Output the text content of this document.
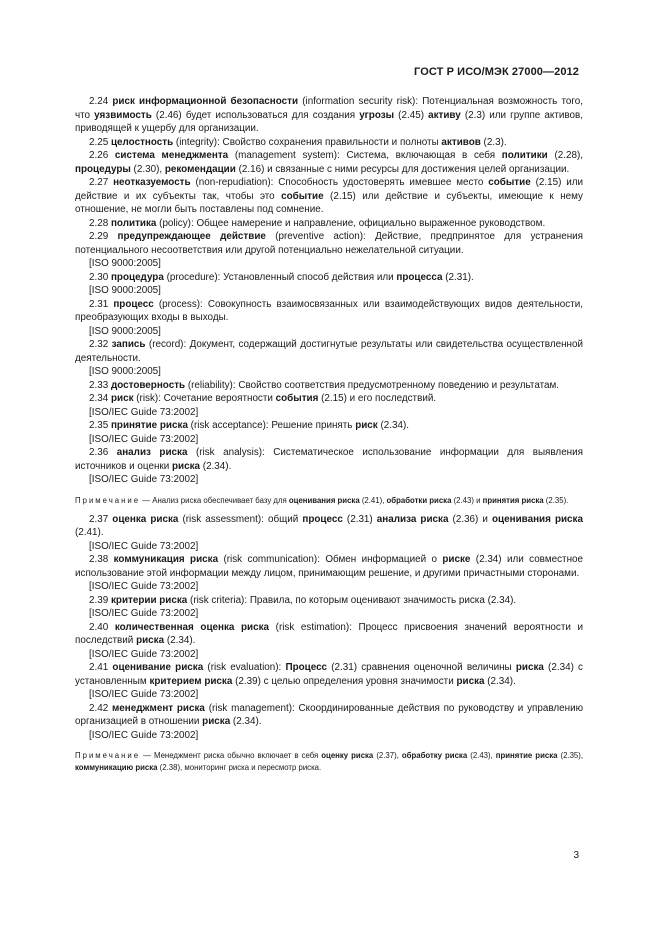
ГОСТ Р ИСО/МЭК 27000—2012

2.24 риск информационной безопасности (information security risk): Потенциальная возможность того, что уязвимость (2.46) будет использоваться для создания угрозы (2.45) активу (2.3) или группе активов, приводящей к ущербу для организации.

2.25 целостность (integrity): Свойство сохранения правильности и полноты активов (2.3).

2.26 система менеджмента (management system): Система, включающая в себя политики (2.28), процедуры (2.30), рекомендации (2.16) и связанные с ними ресурсы для достижения целей организации.

2.27 неотказуемость (non-repudiation): Способность удостоверять имевшее место событие (2.15) или действие и их субъекты так, чтобы это событие (2.15) или действие и субъекты, имеющие к нему отношение, не могли быть поставлены под сомнение.

2.28 политика (policy): Общее намерение и направление, официально выраженное руководством.

2.29 предупреждающее действие (preventive action): Действие, предпринятое для устранения потенциального несоответствия или другой потенциально нежелательной ситуации.

[ISO 9000:2005]

2.30 процедура (procedure): Установленный способ действия или процесса (2.31).

[ISO 9000:2005]

2.31 процесс (process): Совокупность взаимосвязанных или взаимодействующих видов деятельности, преобразующих входы в выходы.

[ISO 9000:2005]

2.32 запись (record): Документ, содержащий достигнутые результаты или свидетельства осуществленной деятельности.

[ISO 9000:2005]

2.33 достоверность (reliability): Свойство соответствия предусмотренному поведению и результатам.

2.34 риск (risk): Сочетание вероятности события (2.15) и его последствий.

[ISO/IEC Guide 73:2002]

2.35 принятие риска (risk acceptance): Решение принять риск (2.34).

[ISO/IEC Guide 73:2002]

2.36 анализ риска (risk analysis): Систематическое использование информации для выявления источников и оценки риска (2.34).

[ISO/IEC Guide 73:2002]

Примечание — Анализ риска обеспечивает базу для оценивания риска (2.41), обработки риска (2.43) и принятия риска (2.35).

2.37 оценка риска (risk assessment): общий процесс (2.31) анализа риска (2.36) и оценивания риска (2.41).

[ISO/IEC Guide 73:2002]

2.38 коммуникация риска (risk communication): Обмен информацией о риске (2.34) или совместное использование этой информации между лицом, принимающим решение, и другими причастными сторонами.

[ISO/IEC Guide 73:2002]

2.39 критерии риска (risk criteria): Правила, по которым оценивают значимость риска (2.34).

[ISO/IEC Guide 73:2002]

2.40 количественная оценка риска (risk estimation): Процесс присвоения значений вероятности и последствий риска (2.34).

[ISO/IEC Guide 73:2002]

2.41 оценивание риска (risk evaluation): Процесс (2.31) сравнения оценочной величины риска (2.34) с установленным критерием риска (2.39) с целью определения уровня значимости риска (2.34).

[ISO/IEC Guide 73:2002]

2.42 менеджмент риска (risk management): Скоординированные действия по руководству и управлению организацией в отношении риска (2.34).

[ISO/IEC Guide 73:2002]

Примечание — Менеджмент риска обычно включает в себя оценку риска (2.37), обработку риска (2.43), принятие риска (2.35), коммуникацию риска (2.38), мониторинг риска и пересмотр риска.

3
